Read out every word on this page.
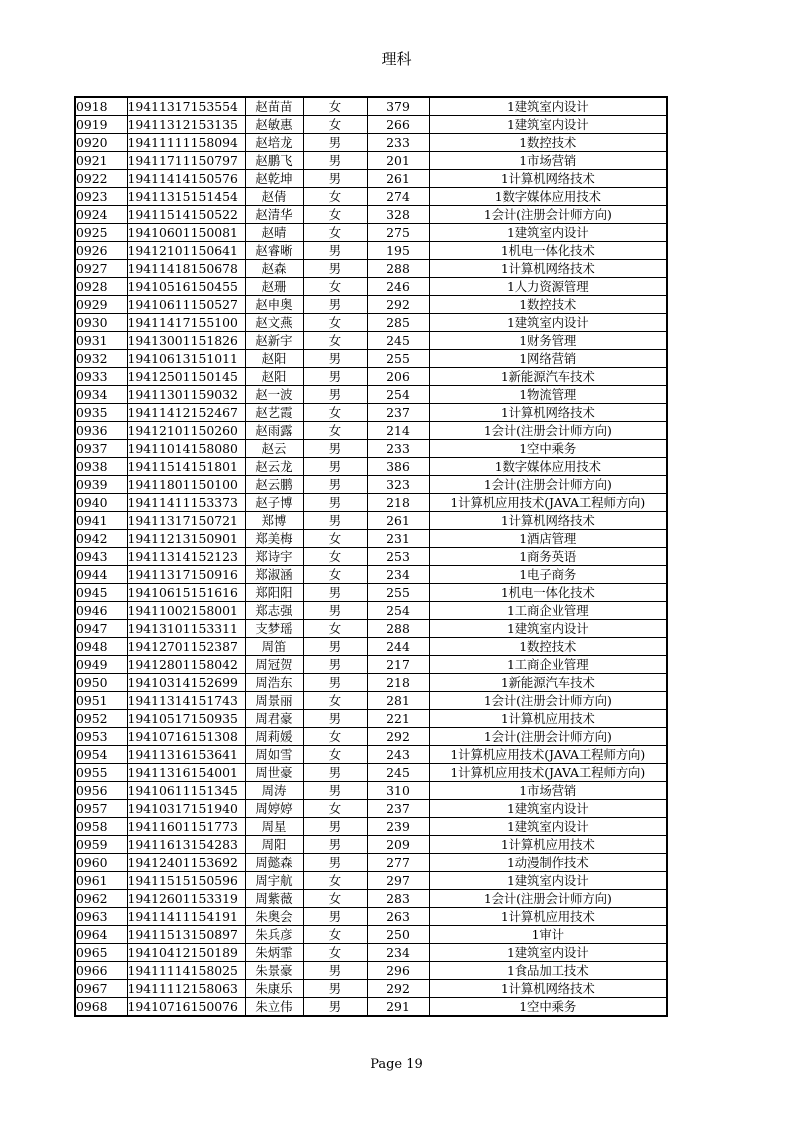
理科
0918	19411317153554	赵苗苗	女	379	1建筑室内设计
0919	19411312153135	赵敏惠	女	266	1建筑室内设计
0920	19411111158094	赵培龙	男	233	1数控技术
0921	19411711150797	赵鹏飞	男	201	1市场营销
0922	19411414150576	赵乾坤	男	261	1计算机网络技术
0923	19411315151454	赵倩	女	274	1数字媒体应用技术
0924	19411514150522	赵清华	女	328	1会计(注册会计师方向)
0925	19410601150081	赵晴	女	275	1建筑室内设计
0926	19412101150641	赵睿晰	男	195	1机电一体化技术
0927	19411418150678	赵森	男	288	1计算机网络技术
0928	19410516150455	赵珊	女	246	1人力资源管理
0929	19410611150527	赵申奥	男	292	1数控技术
0930	19411417155100	赵文燕	女	285	1建筑室内设计
0931	19413001151826	赵新宇	女	245	1财务管理
0932	19410613151011	赵阳	男	255	1网络营销
0933	19412501150145	赵阳	男	206	1新能源汽车技术
0934	19411301159032	赵一波	男	254	1物流管理
0935	19411412152467	赵艺霞	女	237	1计算机网络技术
0936	19412101150260	赵雨露	女	214	1会计(注册会计师方向)
0937	19411014158080	赵云	男	233	1空中乘务
0938	19411514151801	赵云龙	男	386	1数字媒体应用技术
0939	19411801150100	赵云鹏	男	323	1会计(注册会计师方向)
0940	19411411153373	赵子博	男	218	1计算机应用技术(JAVA工程师方向)
0941	19411317150721	郑博	男	261	1计算机网络技术
0942	19411213150901	郑美梅	女	231	1酒店管理
0943	19411314152123	郑诗宇	女	253	1商务英语
0944	19411317150916	郑淑涵	女	234	1电子商务
0945	19410615151616	郑阳阳	男	255	1机电一体化技术
0946	19411002158001	郑志强	男	254	1工商企业管理
0947	19413101153311	支梦瑶	女	288	1建筑室内设计
0948	19412701152387	周笛	男	244	1数控技术
0949	19412801158042	周冠贺	男	217	1工商企业管理
0950	19410314152699	周浩东	男	218	1新能源汽车技术
0951	19411314151743	周景丽	女	281	1会计(注册会计师方向)
0952	19410517150935	周君豪	男	221	1计算机应用技术
0953	19410716151308	周莉媛	女	292	1会计(注册会计师方向)
0954	19411316153641	周如雪	女	243	1计算机应用技术(JAVA工程师方向)
0955	19411316154001	周世豪	男	245	1计算机应用技术(JAVA工程师方向)
0956	19410611151345	周涛	男	310	1市场营销
0957	19410317151940	周婷婷	女	237	1建筑室内设计
0958	19411601151773	周星	男	239	1建筑室内设计
0959	19411613154283	周阳	男	209	1计算机应用技术
0960	19412401153692	周懿森	男	277	1动漫制作技术
0961	19411515150596	周宇航	女	297	1建筑室内设计
0962	19412601153319	周紫薇	女	283	1会计(注册会计师方向)
0963	19411411154191	朱奥会	男	263	1计算机应用技术
0964	19411513150897	朱兵彦	女	250	1审计
0965	19410412150189	朱炳霏	女	234	1建筑室内设计
0966	19411114158025	朱景豪	男	296	1食品加工技术
0967	19411112158063	朱康乐	男	292	1计算机网络技术
0968	19410716150076	朱立伟	男	291	1空中乘务
Page 19
